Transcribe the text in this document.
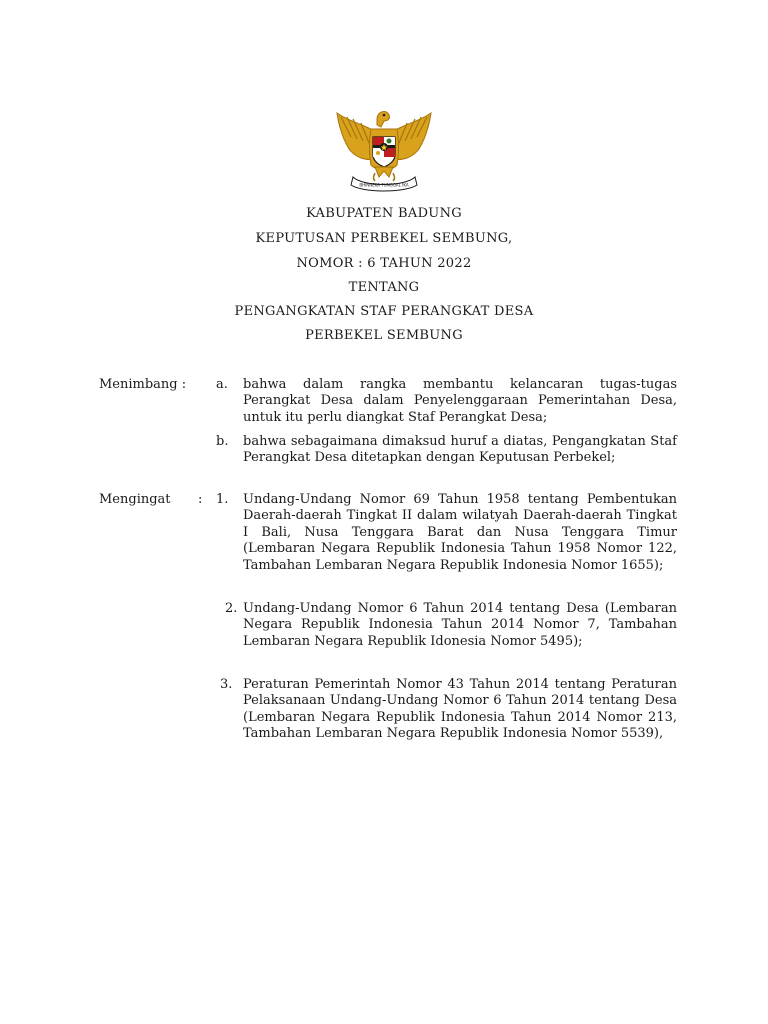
BHINNEKA TUNGGAL IKA
KABUPATEN BADUNG
KEPUTUSAN PERBEKEL SEMBUNG,
NOMOR : 6 TAHUN 2022
TENTANG
PENGANGKATAN STAF PERANGKAT DESA
PERBEKEL SEMBUNG
Menimbang : a. bahwa dalam rangka membantu kelancaran tugas-tugas Perangkat Desa dalam Penyelenggaraan Pemerintahan Desa, untuk itu perlu diangkat Staf Perangkat Desa;

b. bahwa sebagaimana dimaksud huruf a diatas, Pengangkatan Staf Perangkat Desa ditetapkan dengan Keputusan Perbekel;

Mengingat : 1. Undang-Undang Nomor 69 Tahun 1958 tentang Pembentukan Daerah-daerah Tingkat II dalam wilatyah Daerah-daerah Tingkat I Bali, Nusa Tenggara Barat dan Nusa Tenggara Timur (Lembaran Negara Republik Indonesia Tahun 1958 Nomor 122, Tambahan Lembaran Negara Republik Indonesia Nomor 1655);

2. Undang-Undang Nomor 6 Tahun 2014 tentang Desa (Lembaran Negara Republik Indonesia Tahun 2014 Nomor 7, Tambahan Lembaran Negara Republik Idonesia Nomor 5495);

3. Peraturan Pemerintah Nomor 43 Tahun 2014 tentang Peraturan Pelaksanaan Undang-Undang Nomor 6 Tahun 2014 tentang Desa (Lembaran Negara Republik Indonesia Tahun 2014 Nomor 213, Tambahan Lembaran Negara Republik Indonesia Nomor 5539),
